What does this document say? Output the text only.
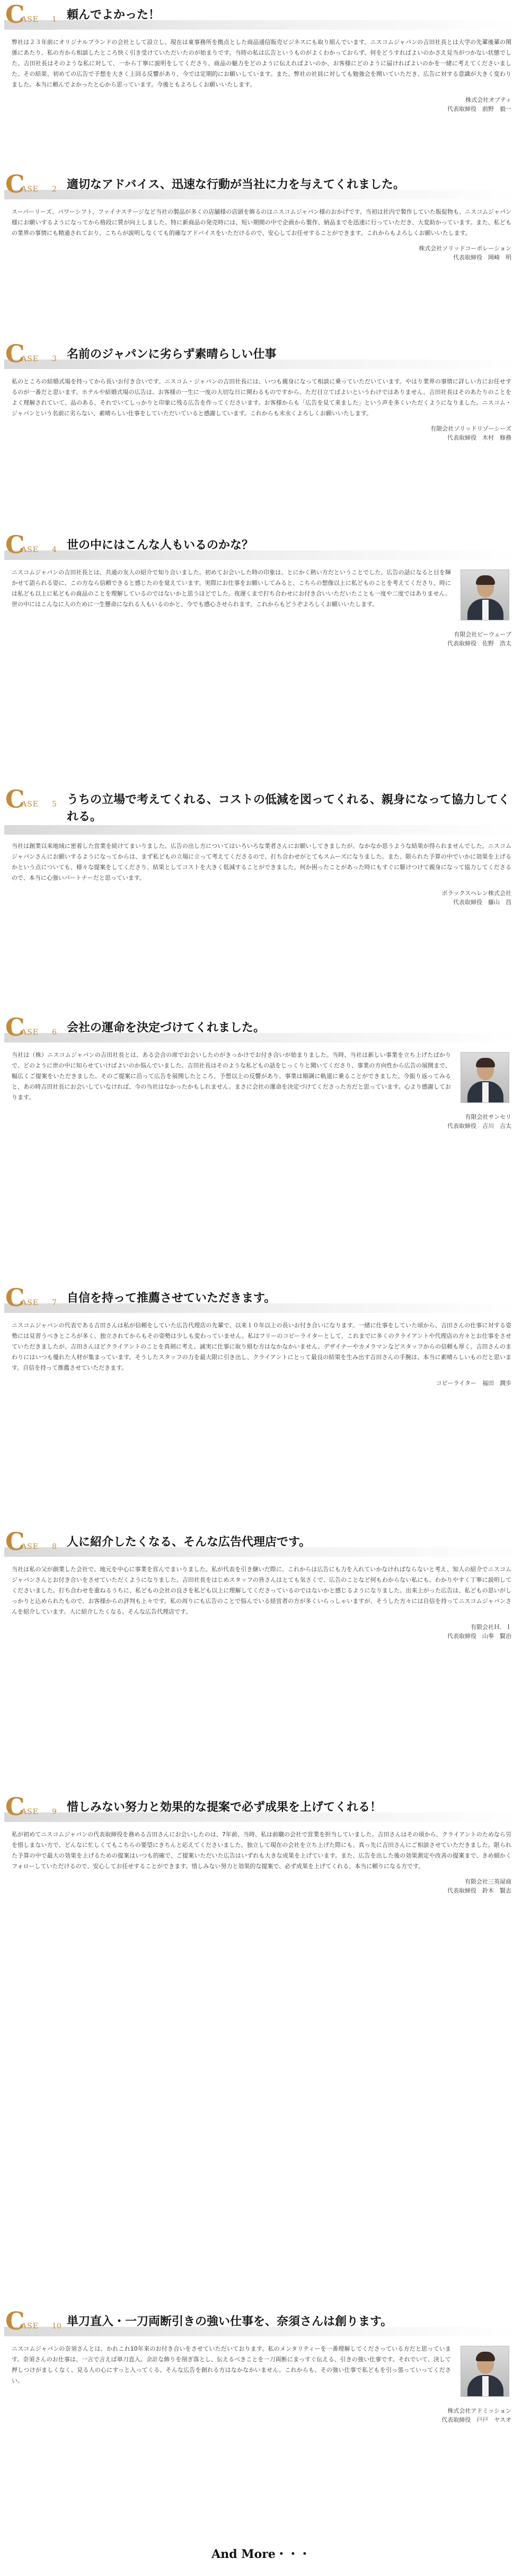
C
ASE 1 頼んでよかった！

弊社は２３年前にオリジナルブランドの会社として設立し、現在は東事務所を拠点とした商品通信販売ビジネスにも取り組んでいます。ニスコムジャパンの吉田社長とは大学の先輩後輩の関係にあたり、私の方から相談したところ快く引き受けていただいたのが始まりです。当時の私は広告というものがよくわかっておらず、何をどうすればよいのかさえ見当がつかない状態でした。吉田社長はそのような私に対して、一から丁寧に説明をしてくださり、商品の魅力をどのように伝えればよいのか、お客様にどのように届ければよいのかを一緒に考えてくださいました。その結果、初めての広告で予想を大きく上回る反響があり、今では定期的にお願いしています。また、弊社の社員に対しても勉強会を開いていただき、広告に対する意識が大きく変わりました。本当に頼んでよかったと心から思っています。今後ともよろしくお願いいたします。

株式会社オプティ
代表取締役　前野　毅一
C
ASE 2 適切なアドバイス、迅速な行動が当社に力を与えてくれました。

スーパーリーズ、パワーシフト、ファイナステージなど当社の製品が多くの店舗様の店頭を飾るのはニスコムジャパン様のおかげです。当初は社内で製作していた販促物も、ニスコムジャパン様にお願いするようになってから格段に質が向上しました。特に新商品の発売時には、短い期間の中で企画から製作、納品までを迅速に行っていただき、大変助かっています。また、私どもの業界の事情にも精通されており、こちらが説明しなくても的確なアドバイスをいただけるので、安心してお任せすることができます。これからもよろしくお願いいたします。

株式会社ソリッドコーポレーション
代表取締役　岡崎　明
C
ASE 3 名前のジャパンに劣らず素晴らしい仕事

私のところの結婚式場を持ってから長いお付き合いです。ニスコム・ジャパンの吉田社長には、いつも親身になって相談に乗っていただいています。やはり業界の事情に詳しい方にお任せするのが一番だと思います。ホテルや結婚式場の広告は、お客様の一生に一度の大切な日に関わるものですから、ただ目立てばよいというわけではありません。吉田社長はそのあたりのことをよく理解されていて、品のある、それでいてしっかりと印象に残る広告を作ってくださいます。お客様からも「広告を見て来ました」という声を多くいただくようになりました。ニスコム・ジャパンという名前に劣らない、素晴らしい仕事をしていただいていると感謝しています。これからも末永くよろしくお願いいたします。

有限会社ソリッドリゾーシーズ
代表取締役　木村　修務
C
ASE 4 世の中にはこんな人もいるのかな？

ニスコムジャパンの吉田社長とは、共通の友人の紹介で知り合いました。初めてお会いした時の印象は、とにかく熱い方だということでした。広告の話になると目を輝かせて語られる姿に、この方なら信頼できると感じたのを覚えています。実際にお仕事をお願いしてみると、こちらの想像以上に私どものことを考えてくださり、時には私ども以上に私どもの商品のことを理解しているのではないかと思うほどでした。夜遅くまで打ち合わせにお付き合いいただいたことも一度や二度ではありません。世の中にはこんなに人のために一生懸命になれる人もいるのかと、今でも感心させられます。これからもどうぞよろしくお願いいたします。

有限会社ビーウェーブ
代表取締役　佐野　浩太
C
ASE 5 うちの立場で考えてくれる、コストの低減を図ってくれる、親身になって協力してくれる。

当社は創業以来地域に密着した営業を続けてまいりました。広告の出し方についてはいろいろな業者さんにお願いしてきましたが、なかなか思うような結果が得られませんでした。ニスコムジャパンさんにお願いするようになってからは、まず私どもの立場に立って考えてくださるので、打ち合わせがとてもスムーズになりました。また、限られた予算の中でいかに効果を上げるかという点についても、様々な提案をしてくださり、結果としてコストを大きく低減することができました。何か困ったことがあった時にもすぐに駆けつけて親身になって協力してくださるので、本当に心強いパートナーだと思っています。

ボラックスヘレン株式会社
代表取締役　藤山　昌
C
ASE 6 会社の運命を決定づけてくれました。

当社は（株）ニスコムジャパンの吉田社長とは、ある会合の席でお会いしたのがきっかけでお付き合いが始まりました。当時、当社は新しい事業を立ち上げたばかりで、どのように世の中に知らせていけばよいのか悩んでいました。吉田社長はそのような私どもの話をじっくりと聞いてくださり、事業の方向性から広告の展開まで、幅広くご提案をいただきました。そのご提案に沿って広告を展開したところ、予想以上の反響があり、事業は順調に軌道に乗ることができました。今振り返ってみると、あの時吉田社長にお会いしていなければ、今の当社はなかったかもしれません。まさに会社の運命を決定づけてくださった方だと思っています。心より感謝しております。

有限会社サンセリ
代表取締役　吉川　吉太
C
ASE 7 自信を持って推薦させていただきます。

ニスコムジャパンの代表である吉田さんは私が信頼をしていた広告代理店の先輩で、以来１０年以上の長いお付き合いになります。一緒に仕事をしていた頃から、吉田さんの仕事に対する姿勢には見習うべきところが多く、独立されてからもその姿勢は少しも変わっていません。私はフリーのコピーライターとして、これまでに多くのクライアントや代理店の方々とお仕事をさせていただきましたが、吉田さんほどクライアントのことを真剣に考え、誠実に仕事に取り組む方はなかなかいません。デザイナーやカメラマンなどスタッフからの信頼も厚く、吉田さんのまわりにはいつも優れた人材が集まっています。そうしたスタッフの力を最大限に引き出し、クライアントにとって最良の結果を生み出す吉田さんの手腕は、本当に素晴らしいものだと思います。自信を持って推薦させていただきます。

コピーライター　福田　潤歩
C
ASE 8 人に紹介したくなる、そんな広告代理店です。

当社は私の父が創業した会社で、地元を中心に事業を営んでまいりました。私が代表を引き継いだ際に、これからは広告にも力を入れていかなければならないと考え、知人の紹介でニスコムジャパンさんとお付き合いをさせていただくようになりました。吉田社長をはじめスタッフの皆さんはとても気さくで、広告のことなど何もわからない私にも、わかりやすく丁寧に説明してくださいました。打ち合わせを重ねるうちに、私どもの会社の良さを私ども以上に理解してくださっているのではないかと感じるようになりました。出来上がった広告は、私どもの思いがしっかりと込められたもので、お客様からの評判も上々です。私の周りにも広告のことで悩んでいる経営者の方が多くいらっしゃいますが、そうした方々には自信を持ってニスコムジャパンさんを紹介しています。人に紹介したくなる、そんな広告代理店です。

有限会社Ｈ．Ｉ
代表取締役　山奉　賢治
C
ASE 9 惜しみない努力と効果的な提案で必ず成果を上げてくれる！

私が初めてニスコムジャパンの代表取締役を務める吉田さんにお会いしたのは、7年前、当時、私は前職の会社で営業を担当していました。吉田さんはその頃から、クライアントのためなら労を惜しまない方で、どんなに忙しくてもこちらの要望にきちんと応えてくださいました。独立して現在の会社を立ち上げた際にも、真っ先に吉田さんにご相談させていただきました。限られた予算の中で最大の効果を上げるための提案はいつも的確で、ご提案いただいた広告はいずれも大きな成果を上げています。また、広告を出した後の効果測定や改善の提案まで、きめ細かくフォローしていただけるので、安心してお任せすることができます。惜しみない努力と効果的な提案で、必ず成果を上げてくれる、本当に頼りになる方です。

有限会社三英屋商
代表取締役　鈴木　賢志
C
ASE 10 単刀直入・一刀両断引きの強い仕事を、奈須さんは創ります。

ニスコムジャパンの奈須さんとは、かれこれ10年来のお付き合いをさせていただいております。私のメンタリティーを一番理解してくださっている方だと思っています。奈須さんのお仕事は、一言で言えば単刀直入。余計な飾りを削ぎ落とし、伝えるべきことを一刀両断にまっすぐ伝える、引きの強い仕事です。それでいて、決して押しつけがましくなく、見る人の心にすっと入ってくる。そんな広告を創れる方はなかなかいません。これからも、その強い仕事で私どもを引っ張っていってください。

株式会社アドミッション
代表取締役　戸戸　ヤスオ
And More・・・
